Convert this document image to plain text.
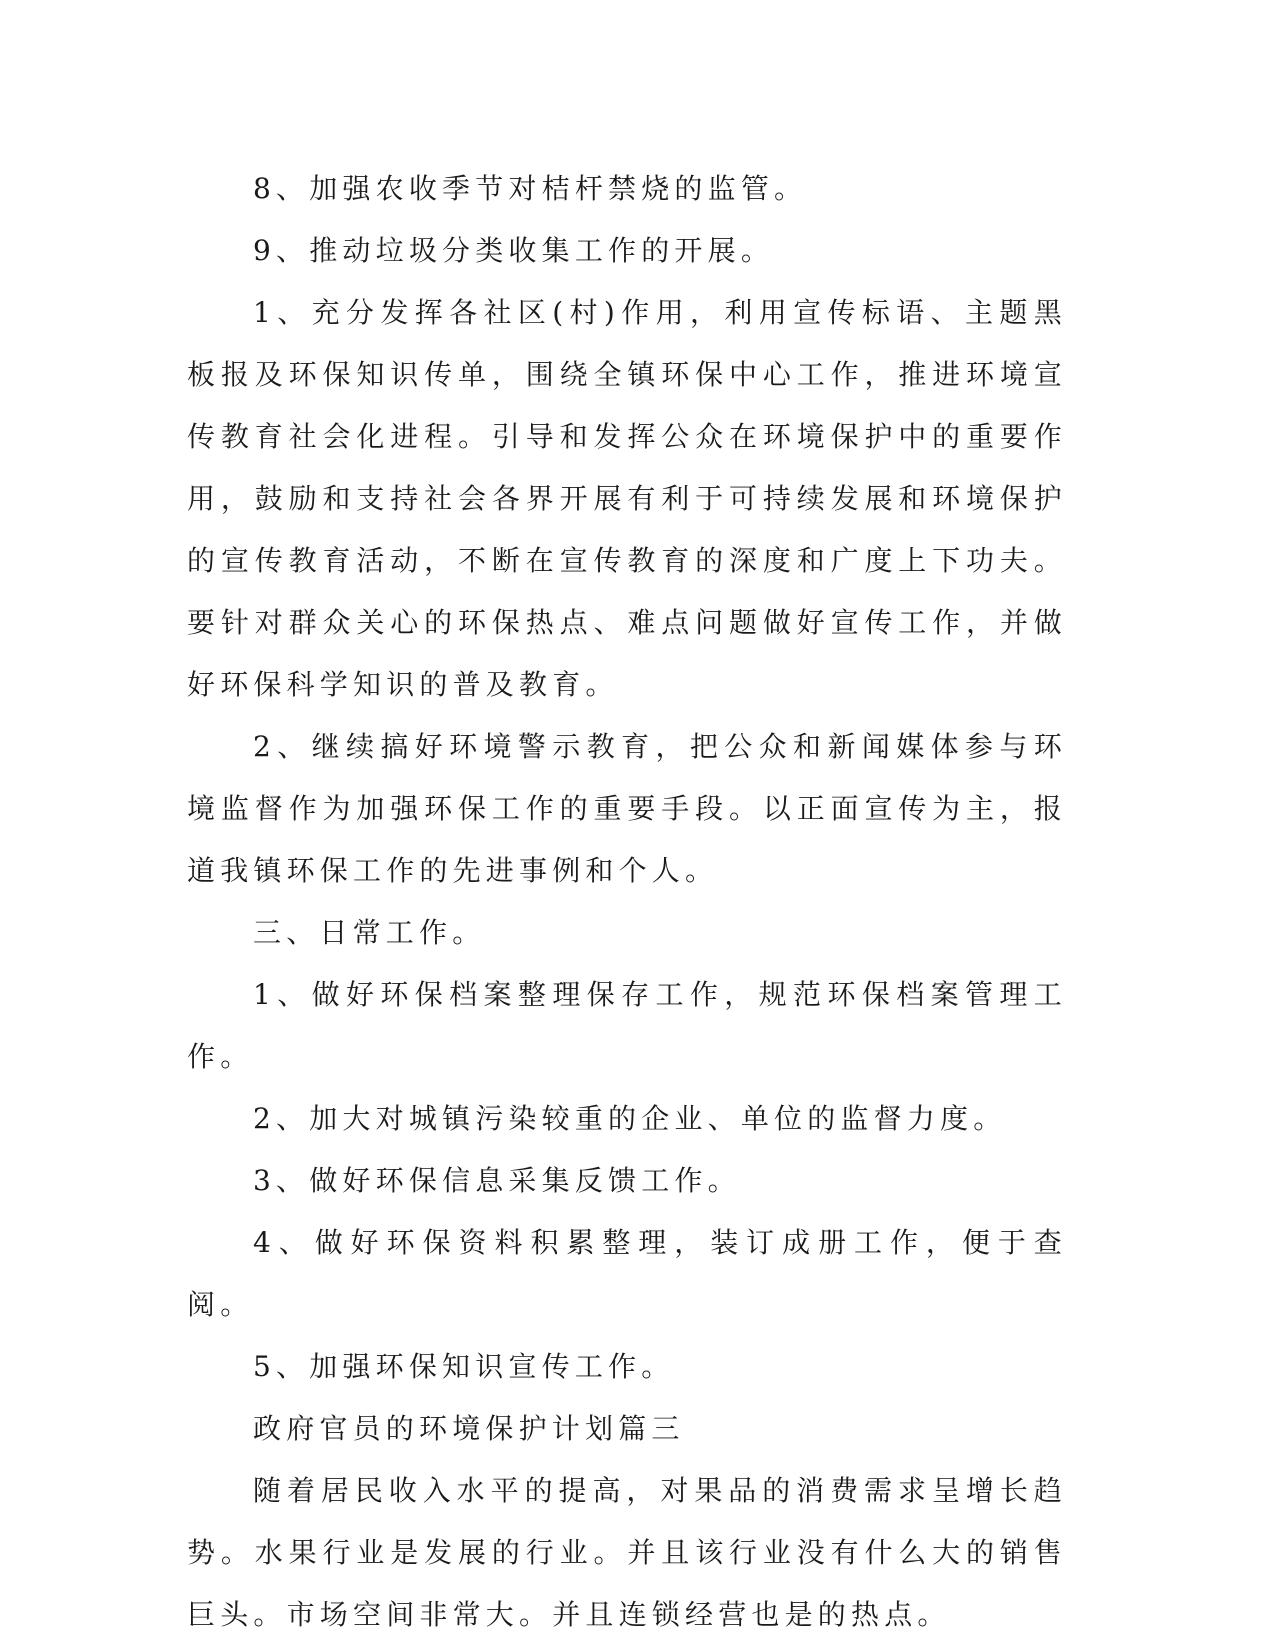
8、加强农收季节对桔杆禁烧的监管。

9、推动垃圾分类收集工作的开展。

1、充分发挥各社区(村)作用，利用宣传标语、主题黑板报及环保知识传单，围绕全镇环保中心工作，推进环境宣传教育社会化进程。引导和发挥公众在环境保护中的重要作用，鼓励和支持社会各界开展有利于可持续发展和环境保护的宣传教育活动，不断在宣传教育的深度和广度上下功夫。要针对群众关心的环保热点、难点问题做好宣传工作，并做好环保科学知识的普及教育。

2、继续搞好环境警示教育，把公众和新闻媒体参与环境监督作为加强环保工作的重要手段。以正面宣传为主，报道我镇环保工作的先进事例和个人。

三、日常工作。

1、做好环保档案整理保存工作，规范环保档案管理工作。

2、加大对城镇污染较重的企业、单位的监督力度。

3、做好环保信息采集反馈工作。

4、做好环保资料积累整理，装订成册工作，便于查阅。

5、加强环保知识宣传工作。

政府官员的环境保护计划篇三

随着居民收入水平的提高，对果品的消费需求呈增长趋势。水果行业是发展的行业。并且该行业没有什么大的销售巨头。市场空间非常大。并且连锁经营也是的热点。
